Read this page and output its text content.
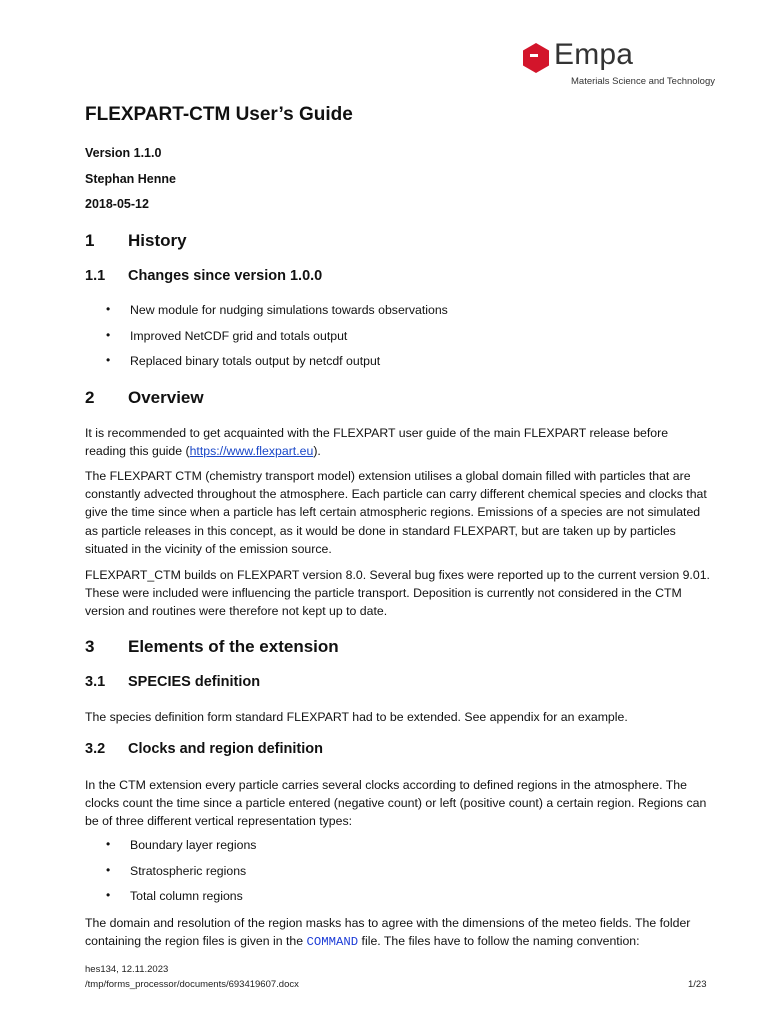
Empa
Materials Science and Technology
FLEXPART-CTM User’s Guide
Version 1.1.0
Stephan Henne
2018-05-12
1 History
1.1 Changes since version 1.0.0
• New module for nudging simulations towards observations
• Improved NetCDF grid and totals output
• Replaced binary totals output by netcdf output
2 Overview
It is recommended to get acquainted with the FLEXPART user guide of the main FLEXPART release before reading this guide (https://www.flexpart.eu).
The FLEXPART CTM (chemistry transport model) extension utilises a global domain filled with particles that are constantly advected throughout the atmosphere. Each particle can carry different chemical species and clocks that give the time since when a particle has left certain atmospheric regions. Emissions of a species are not simulated as particle releases in this concept, as it would be done in standard FLEXPART, but are taken up by particles situated in the vicinity of the emission source.
FLEXPART_CTM builds on FLEXPART version 8.0. Several bug fixes were reported up to the current version 9.01. These were included were influencing the particle transport. Deposition is currently not considered in the CTM version and routines were therefore not kept up to date.
3 Elements of the extension
3.1 SPECIES definition
The species definition form standard FLEXPART had to be extended. See appendix for an example.
3.2 Clocks and region definition
In the CTM extension every particle carries several clocks according to defined regions in the atmosphere. The clocks count the time since a particle entered (negative count) or left (positive count) a certain region. Regions can be of three different vertical representation types:
• Boundary layer regions
• Stratospheric regions
• Total column regions
The domain and resolution of the region masks has to agree with the dimensions of the meteo fields. The folder containing the region files is given in the COMMAND file. The files have to follow the naming convention:
hes134, 12.11.2023
/tmp/forms_processor/documents/693419607.docx	1/23
